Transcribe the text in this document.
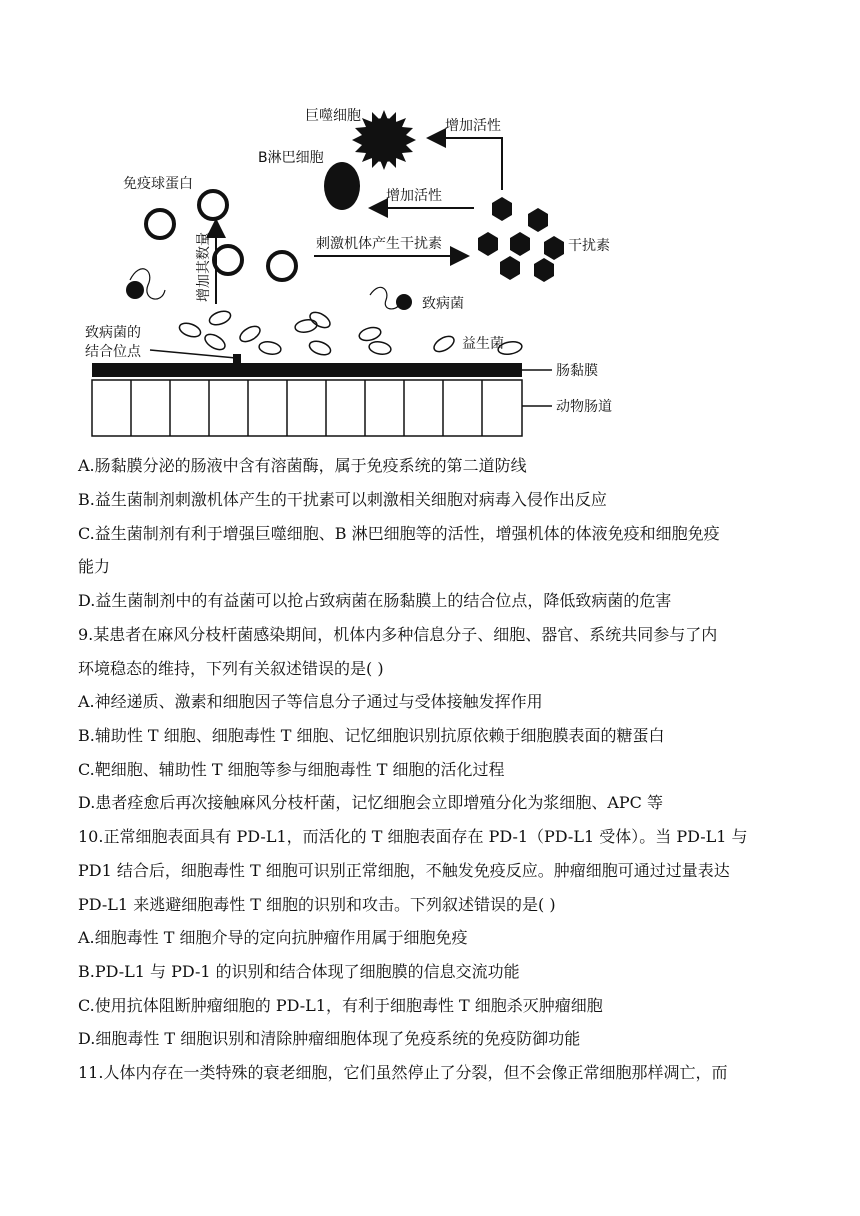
巨噬细胞
B淋巴细胞
免疫球蛋白
干扰素
增加活性
增加活性
刺激机体产生干扰素
增加其数量
致病菌
益生菌
致病菌的
结合位点
肠黏膜
动物肠道
A.肠黏膜分泌的肠液中含有溶菌酶，属于免疫系统的第二道防线
B.益生菌制剂刺激机体产生的干扰素可以刺激相关细胞对病毒入侵作出反应
C.益生菌制剂有利于增强巨噬细胞、B 淋巴细胞等的活性，增强机体的体液免疫和细胞免疫
能力
D.益生菌制剂中的有益菌可以抢占致病菌在肠黏膜上的结合位点，降低致病菌的危害
9.某患者在麻风分枝杆菌感染期间，机体内多种信息分子、细胞、器官、系统共同参与了内
环境稳态的维持，下列有关叙述错误的是( )
A.神经递质、激素和细胞因子等信息分子通过与受体接触发挥作用
B.辅助性 T 细胞、细胞毒性 T 细胞、记忆细胞识别抗原依赖于细胞膜表面的糖蛋白
C.靶细胞、辅助性 T 细胞等参与细胞毒性 T 细胞的活化过程
D.患者痊愈后再次接触麻风分枝杆菌，记忆细胞会立即增殖分化为浆细胞、APC 等
10.正常细胞表面具有 PD-L1，而活化的 T 细胞表面存在 PD-1（PD-L1 受体）。当 PD-L1 与
PD1 结合后，细胞毒性 T 细胞可识别正常细胞，不触发免疫反应。肿瘤细胞可通过过量表达
PD-L1 来逃避细胞毒性 T 细胞的识别和攻击。下列叙述错误的是( )
A.细胞毒性 T 细胞介导的定向抗肿瘤作用属于细胞免疫
B.PD-L1 与 PD-1 的识别和结合体现了细胞膜的信息交流功能
C.使用抗体阻断肿瘤细胞的 PD-L1，有利于细胞毒性 T 细胞杀灭肿瘤细胞
D.细胞毒性 T 细胞识别和清除肿瘤细胞体现了免疫系统的免疫防御功能
11.人体内存在一类特殊的衰老细胞，它们虽然停止了分裂，但不会像正常细胞那样凋亡，而
